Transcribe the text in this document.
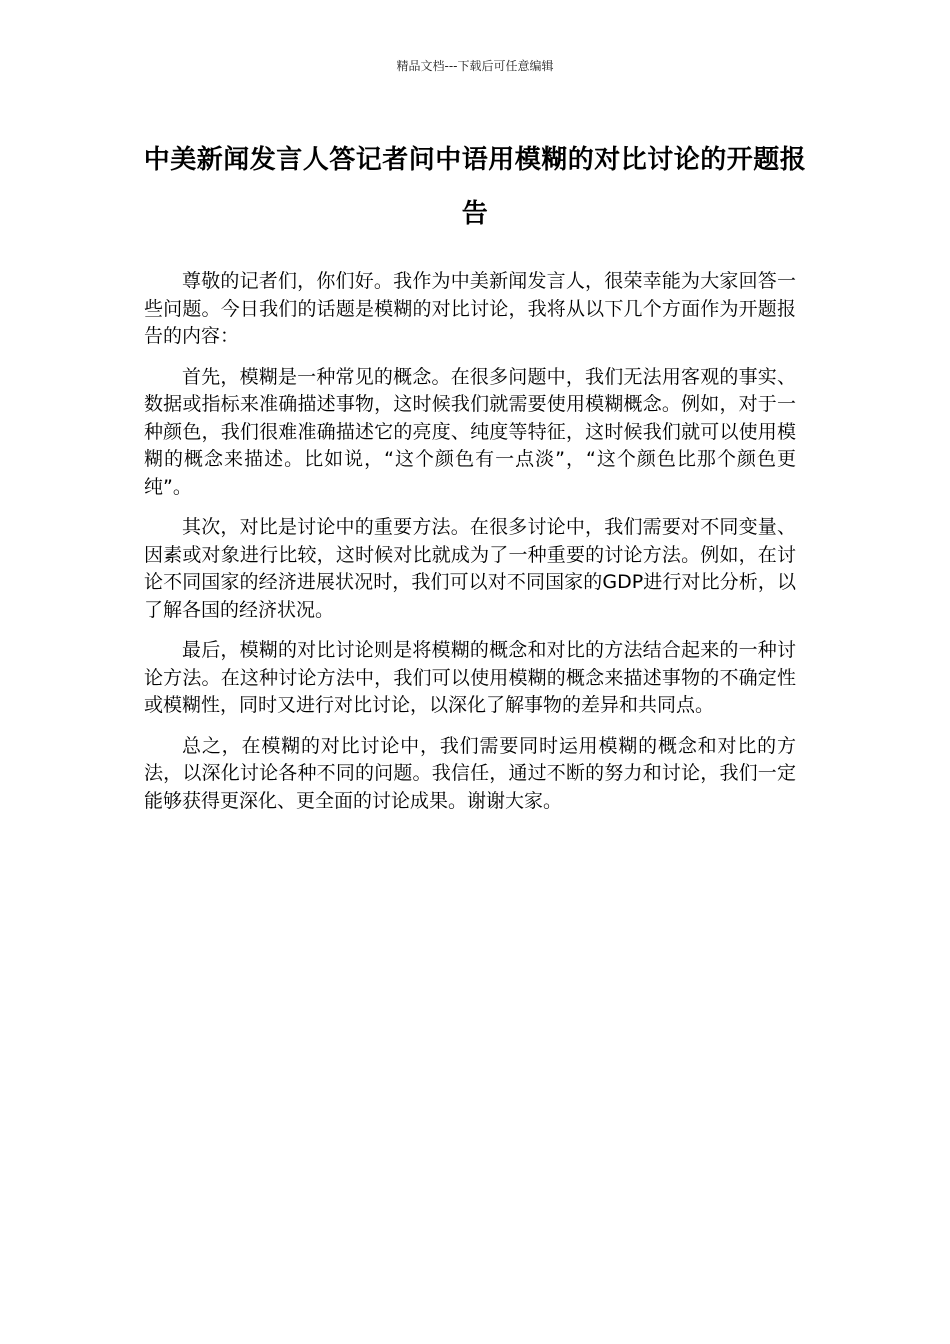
精品文档---下载后可任意编辑
中美新闻发言人答记者问中语用模糊的对比讨论的开题报告

尊敬的记者们，你们好。我作为中美新闻发言人，很荣幸能为大家回答一些问题。今日我们的话题是模糊的对比讨论，我将从以下几个方面作为开题报告的内容：

首先，模糊是一种常见的概念。在很多问题中，我们无法用客观的事实、数据或指标来准确描述事物，这时候我们就需要使用模糊概念。例如，对于一种颜色，我们很难准确描述它的亮度、纯度等特征，这时候我们就可以使用模糊的概念来描述。比如说，“这个颜色有一点淡”，“这个颜色比那个颜色更纯”。

其次，对比是讨论中的重要方法。在很多讨论中，我们需要对不同变量、因素或对象进行比较，这时候对比就成为了一种重要的讨论方法。例如，在讨论不同国家的经济进展状况时，我们可以对不同国家的GDP进行对比分析，以了解各国的经济状况。

最后，模糊的对比讨论则是将模糊的概念和对比的方法结合起来的一种讨论方法。在这种讨论方法中，我们可以使用模糊的概念来描述事物的不确定性或模糊性，同时又进行对比讨论，以深化了解事物的差异和共同点。

总之，在模糊的对比讨论中，我们需要同时运用模糊的概念和对比的方法，以深化讨论各种不同的问题。我信任，通过不断的努力和讨论，我们一定能够获得更深化、更全面的讨论成果。谢谢大家。
